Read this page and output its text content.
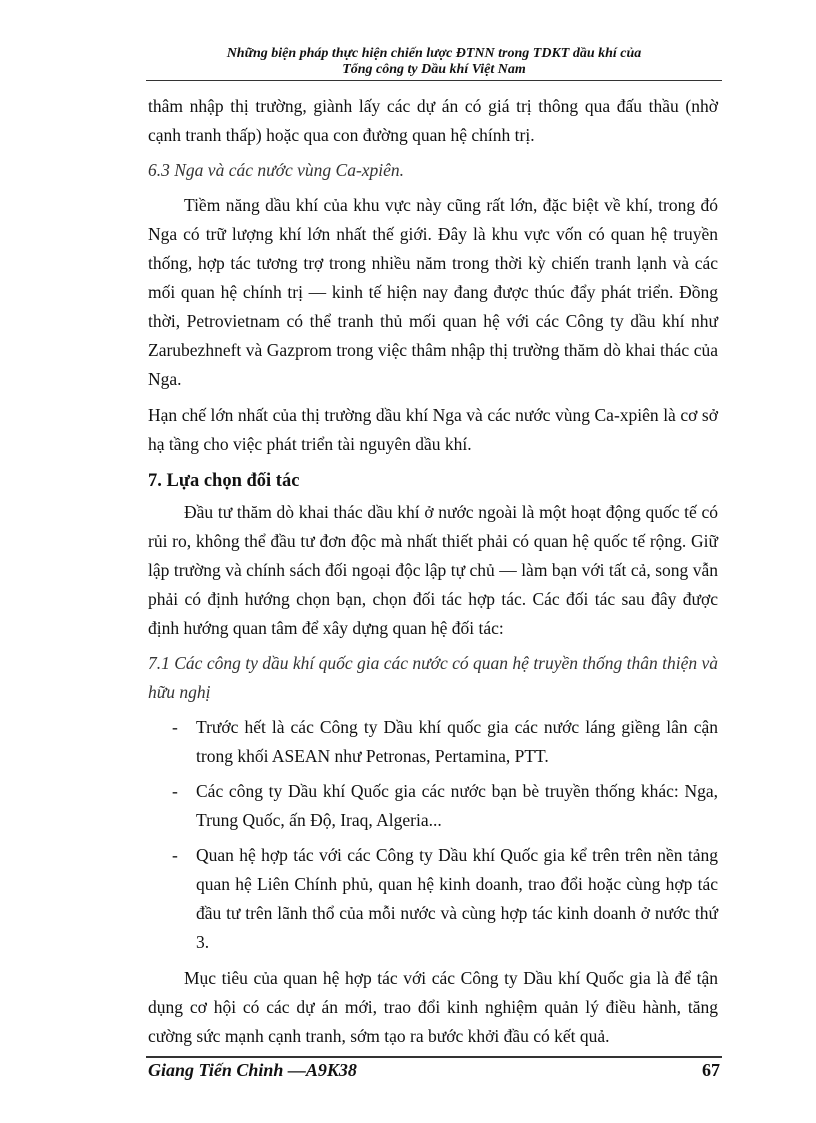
Những biện pháp thực hiện chiến lược ĐTNN trong TDKT dầu khí của
Tổng công ty Dầu khí Việt Nam

thâm nhập thị trường, giành lấy các dự án có giá trị thông qua đấu thầu (nhờ cạnh tranh thấp) hoặc qua con đường quan hệ chính trị.

6.3 Nga và các nước vùng Ca-xpiên.

Tiềm năng dầu khí của khu vực này cũng rất lớn, đặc biệt về khí, trong đó Nga có trữ lượng khí lớn nhất thế giới. Đây là khu vực vốn có quan hệ truyền thống, hợp tác tương trợ trong nhiều năm trong thời kỳ chiến tranh lạnh và các mối quan hệ chính trị — kinh tế hiện nay đang được thúc đẩy phát triển. Đồng thời, Petrovietnam có thể tranh thủ mối quan hệ với các Công ty dầu khí như Zarubezhneft và Gazprom trong việc thâm nhập thị trường thăm dò khai thác của Nga.

Hạn chế lớn nhất của thị trường dầu khí Nga và các nước vùng Ca-xpiên là cơ sở hạ tầng cho việc phát triển tài nguyên dầu khí.

7. Lựa chọn đối tác

Đầu tư thăm dò khai thác dầu khí ở nước ngoài là một hoạt động quốc tế có rủi ro, không thể đầu tư đơn độc mà nhất thiết phải có quan hệ quốc tế rộng. Giữ lập trường và chính sách đối ngoại độc lập tự chủ — làm bạn với tất cả, song vẫn phải có định hướng chọn bạn, chọn đối tác hợp tác. Các đối tác sau đây được định hướng quan tâm để xây dựng quan hệ đối tác:

7.1 Các công ty dầu khí quốc gia các nước có quan hệ truyền thống thân thiện và hữu nghị

- Trước hết là các Công ty Dầu khí quốc gia các nước láng giềng lân cận trong khối ASEAN như Petronas, Pertamina, PTT.
- Các công ty Dầu khí Quốc gia các nước bạn bè truyền thống khác: Nga, Trung Quốc, ấn Độ, Iraq, Algeria...
- Quan hệ hợp tác với các Công ty Dầu khí Quốc gia kể trên trên nền tảng quan hệ Liên Chính phủ, quan hệ kinh doanh, trao đổi hoặc cùng hợp tác đầu tư trên lãnh thổ của mỗi nước và cùng hợp tác kinh doanh ở nước thứ 3.

Mục tiêu của quan hệ hợp tác với các Công ty Dầu khí Quốc gia là để tận dụng cơ hội có các dự án mới, trao đổi kinh nghiệm quản lý điều hành, tăng cường sức mạnh cạnh tranh, sớm tạo ra bước khởi đầu có kết quả.

Giang Tiến Chinh —A9K38	67
